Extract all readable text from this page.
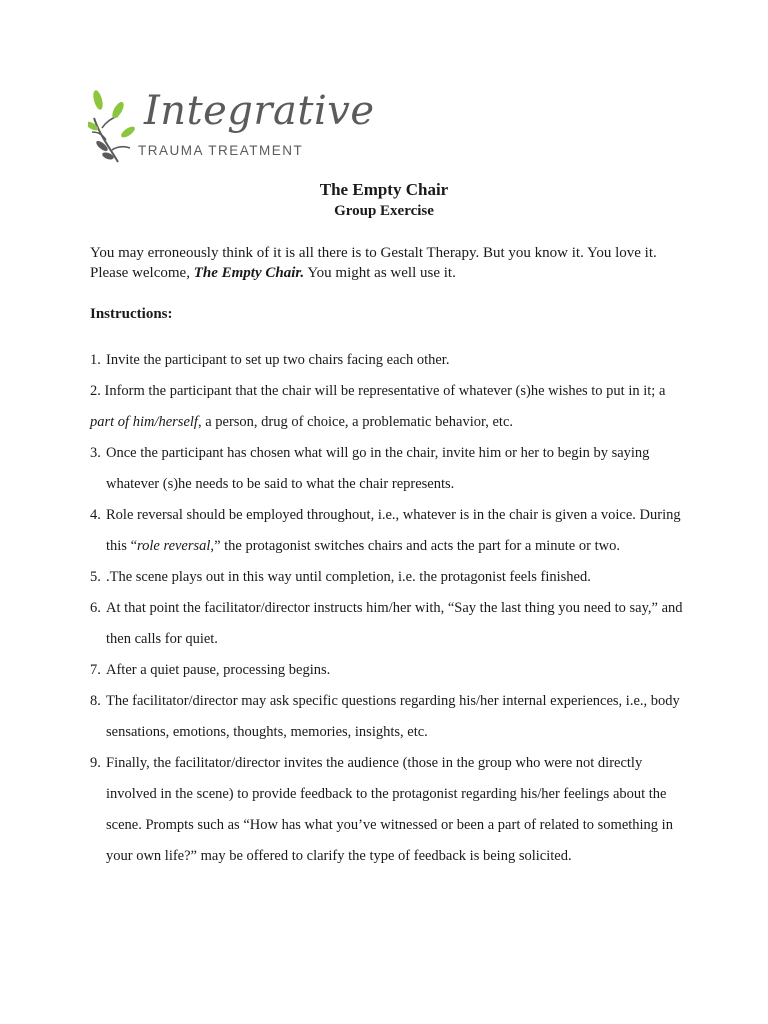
Integrative
TRAUMA TREATMENT
The Empty Chair
Group Exercise

You may erroneously think of it is all there is to Gestalt Therapy. But you know it. You love it. Please welcome, The Empty Chair. You might as well use it.

Instructions:
1. Invite the participant to set up two chairs facing each other.
2. Inform the participant that the chair will be representative of whatever (s)he wishes to put in it; a part of him/herself, a person, drug of choice, a problematic behavior, etc.
3. Once the participant has chosen what will go in the chair, invite him or her to begin by saying whatever (s)he needs to be said to what the chair represents.
4. Role reversal should be employed throughout, i.e., whatever is in the chair is given a voice. During this “role reversal,” the protagonist switches chairs and acts the part for a minute or two.
5. .The scene plays out in this way until completion, i.e. the protagonist feels finished.
6. At that point the facilitator/director instructs him/her with, “Say the last thing you need to say,” and then calls for quiet.
7. After a quiet pause, processing begins.
8. The facilitator/director may ask specific questions regarding his/her internal experiences, i.e., body sensations, emotions, thoughts, memories, insights, etc.
9. Finally, the facilitator/director invites the audience (those in the group who were not directly involved in the scene) to provide feedback to the protagonist regarding his/her feelings about the scene. Prompts such as “How has what you’ve witnessed or been a part of related to something in your own life?” may be offered to clarify the type of feedback is being solicited.
